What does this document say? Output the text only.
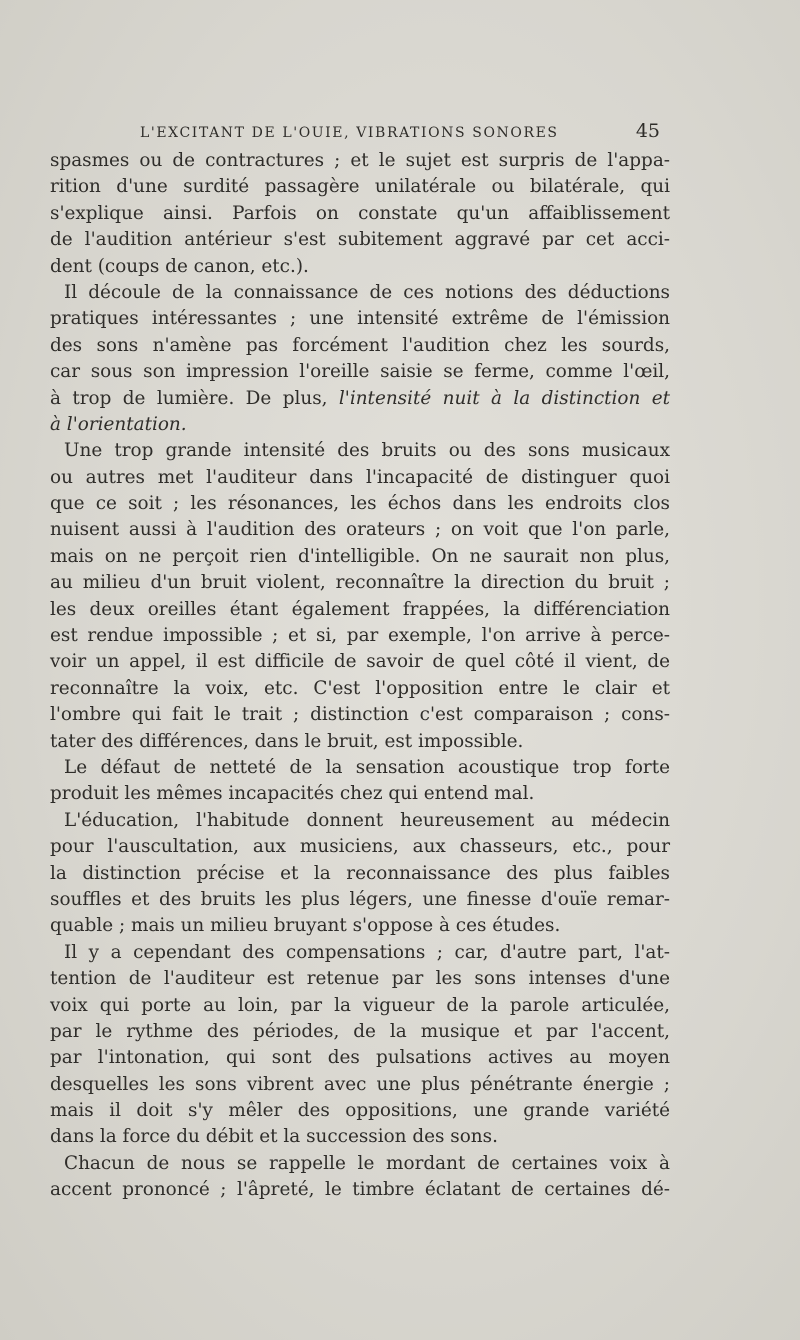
L'EXCITANT DE L'OUIE, VIBRATIONS SONORES	45
spasmes ou de contractures ; et le sujet est surpris de l'appa-
rition d'une surdité passagère unilatérale ou bilatérale, qui
s'explique ainsi. Parfois on constate qu'un affaiblissement
de l'audition antérieur s'est subitement aggravé par cet acci-
dent (coups de canon, etc.).
Il découle de la connaissance de ces notions des déductions
pratiques intéressantes ; une intensité extrême de l'émission
des sons n'amène pas forcément l'audition chez les sourds,
car sous son impression l'oreille saisie se ferme, comme l'œil,
à trop de lumière. De plus, l'intensité nuit à la distinction et
à l'orientation.
Une trop grande intensité des bruits ou des sons musicaux
ou autres met l'auditeur dans l'incapacité de distinguer quoi
que ce soit ; les résonances, les échos dans les endroits clos
nuisent aussi à l'audition des orateurs ; on voit que l'on parle,
mais on ne perçoit rien d'intelligible. On ne saurait non plus,
au milieu d'un bruit violent, reconnaître la direction du bruit ;
les deux oreilles étant également frappées, la différenciation
est rendue impossible ; et si, par exemple, l'on arrive à perce-
voir un appel, il est difficile de savoir de quel côté il vient, de
reconnaître la voix, etc. C'est l'opposition entre le clair et
l'ombre qui fait le trait ; distinction c'est comparaison ; cons-
tater des différences, dans le bruit, est impossible.
Le défaut de netteté de la sensation acoustique trop forte
produit les mêmes incapacités chez qui entend mal.
L'éducation, l'habitude donnent heureusement au médecin
pour l'auscultation, aux musiciens, aux chasseurs, etc., pour
la distinction précise et la reconnaissance des plus faibles
souffles et des bruits les plus légers, une finesse d'ouïe remar-
quable ; mais un milieu bruyant s'oppose à ces études.
Il y a cependant des compensations ; car, d'autre part, l'at-
tention de l'auditeur est retenue par les sons intenses d'une
voix qui porte au loin, par la vigueur de la parole articulée,
par le rythme des périodes, de la musique et par l'accent,
par l'intonation, qui sont des pulsations actives au moyen
desquelles les sons vibrent avec une plus pénétrante énergie ;
mais il doit s'y mêler des oppositions, une grande variété
dans la force du débit et la succession des sons.
Chacun de nous se rappelle le mordant de certaines voix à
accent prononcé ; l'âpreté, le timbre éclatant de certaines dé-
